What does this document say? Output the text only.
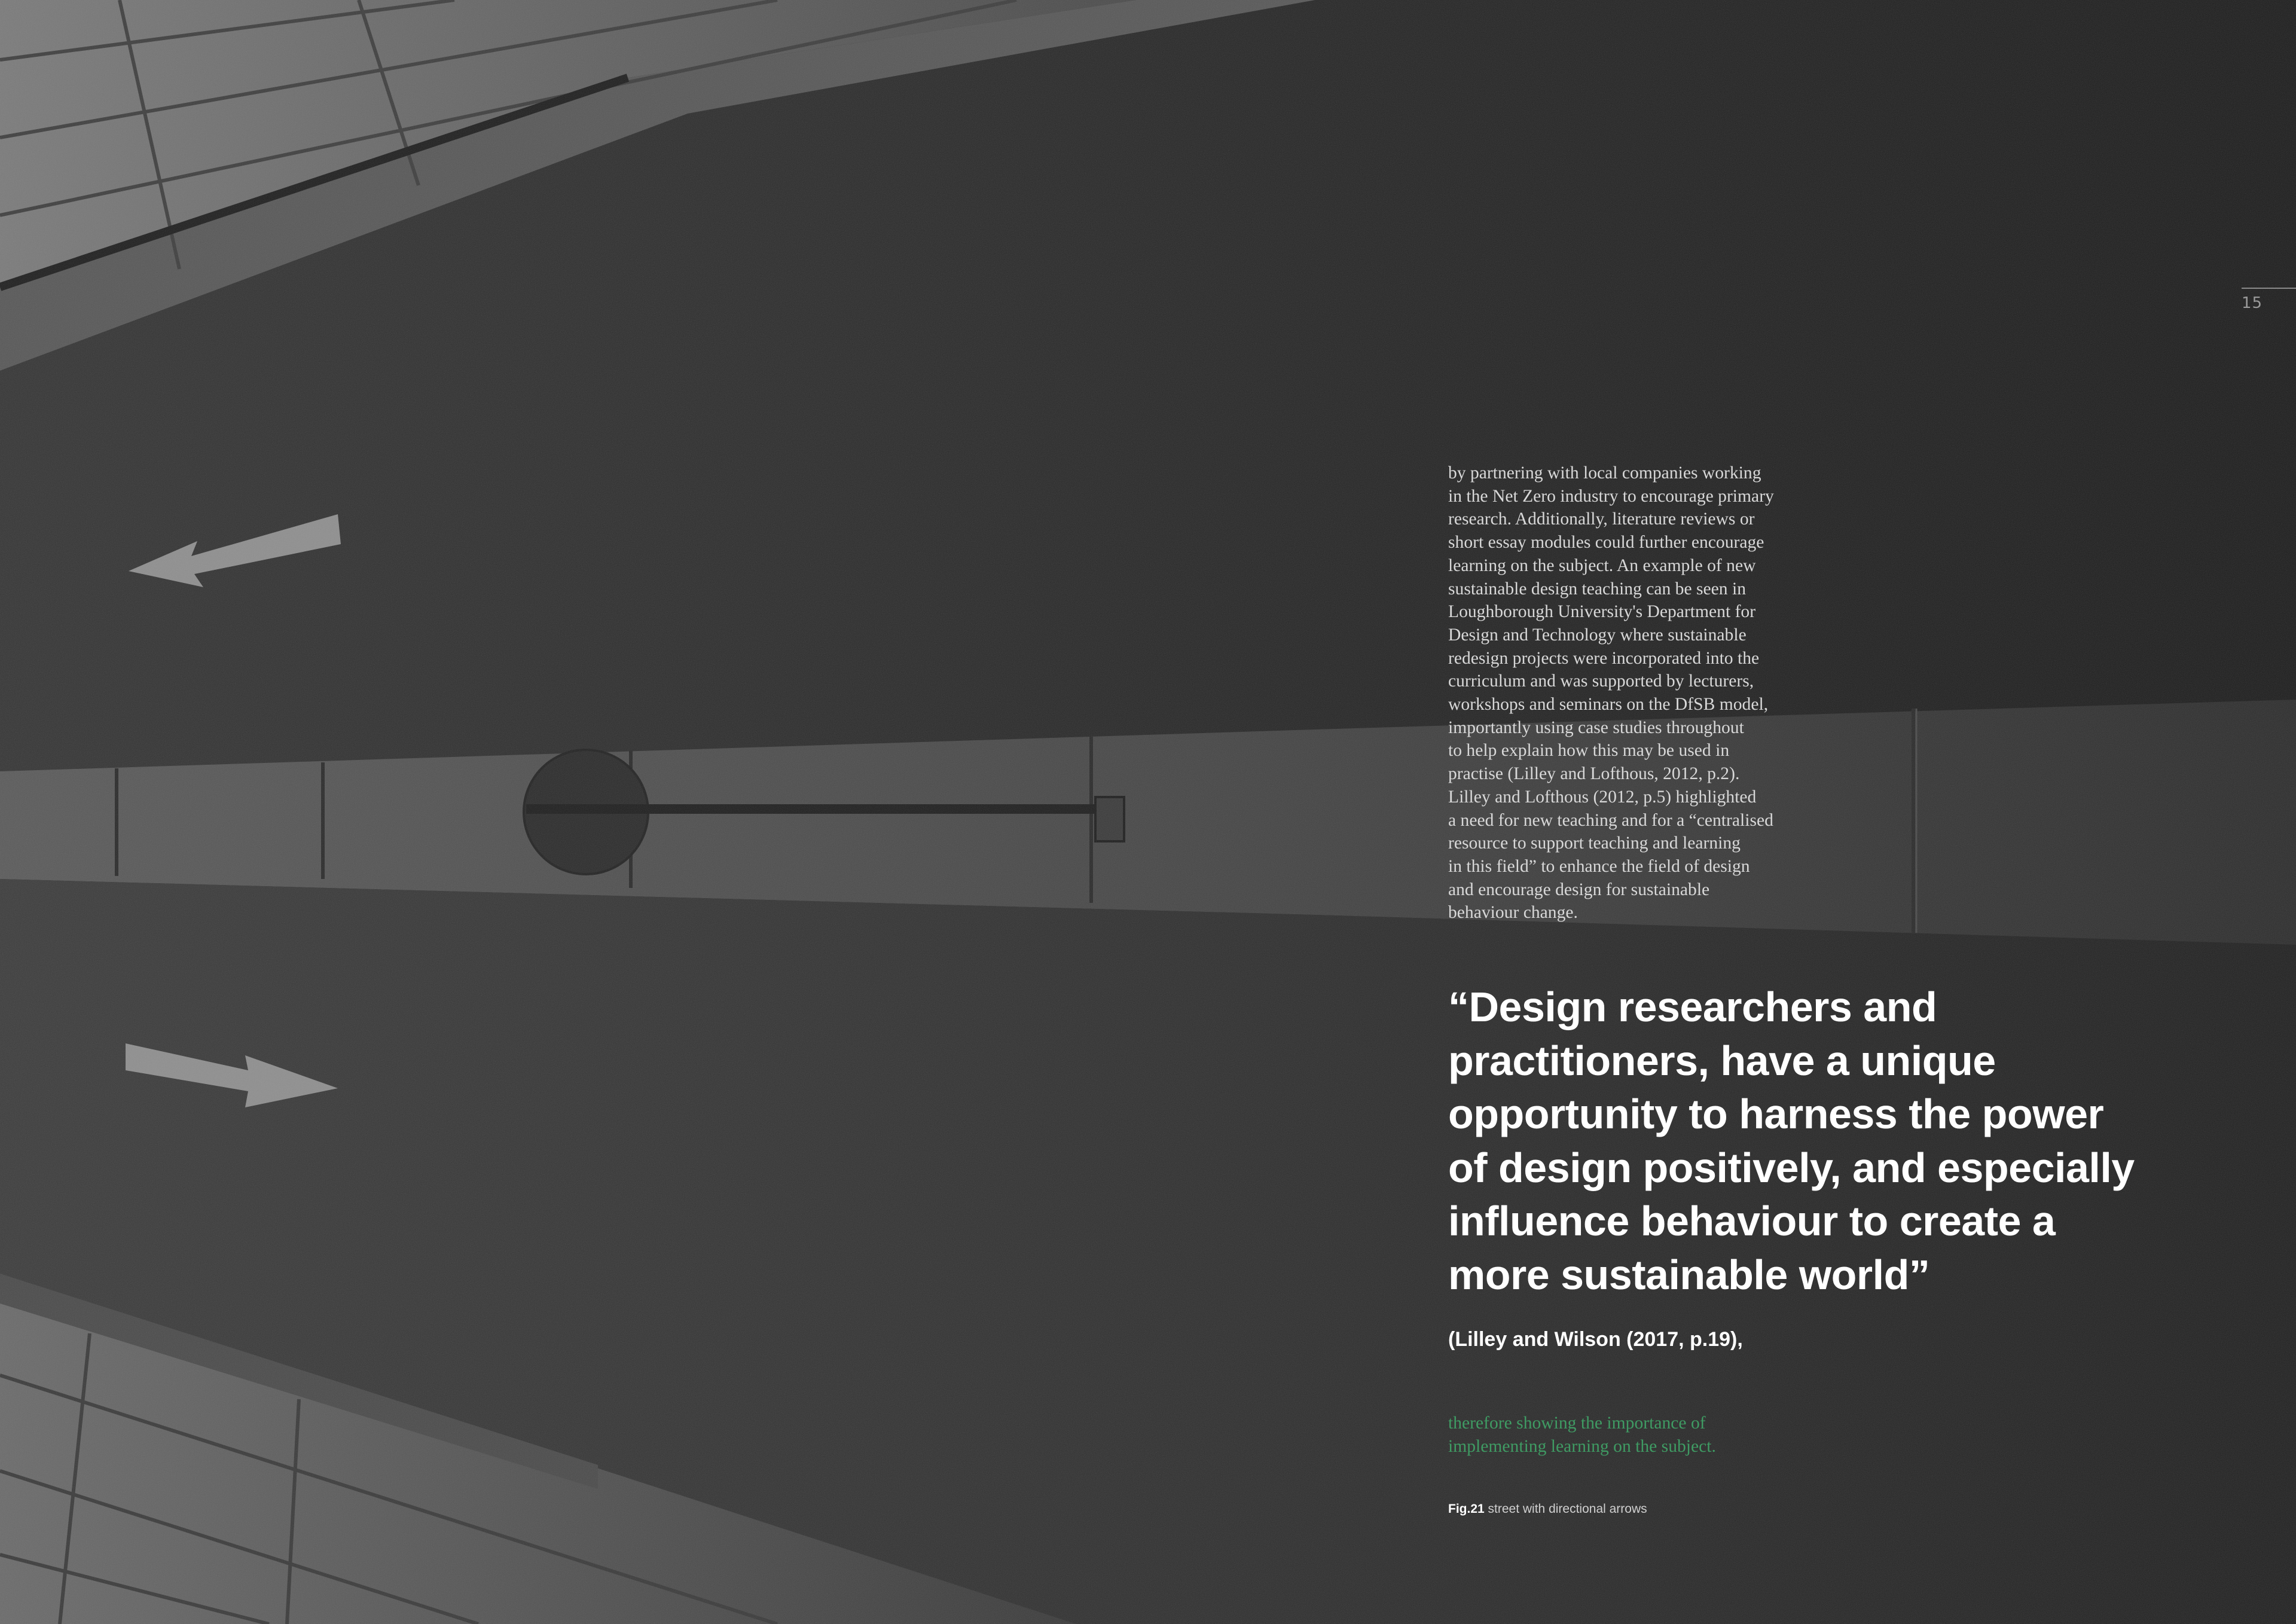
15

by partnering with local companies working
in the Net Zero industry to encourage primary
research. Additionally, literature reviews or
short essay modules could further encourage
learning on the subject. An example of new
sustainable design teaching can be seen in
Loughborough University's Department for
Design and Technology where sustainable
redesign projects were incorporated into the
curriculum and was supported by lecturers,
workshops and seminars on the DfSB model,
importantly using case studies throughout
to help explain how this may be used in
practise (Lilley and Lofthous, 2012, p.2).
Lilley and Lofthous (2012, p.5) highlighted
a need for new teaching and for a “centralised
resource to support teaching and learning
in this field” to enhance the field of design
and encourage design for sustainable
behaviour change.

“Design researchers and
practitioners, have a unique
opportunity to harness the power
of design positively, and especially
influence behaviour to create a
more sustainable world”
(Lilley and Wilson (2017, p.19),
therefore showing the importance of
implementing learning on the subject.
Fig.21 street with directional arrows
